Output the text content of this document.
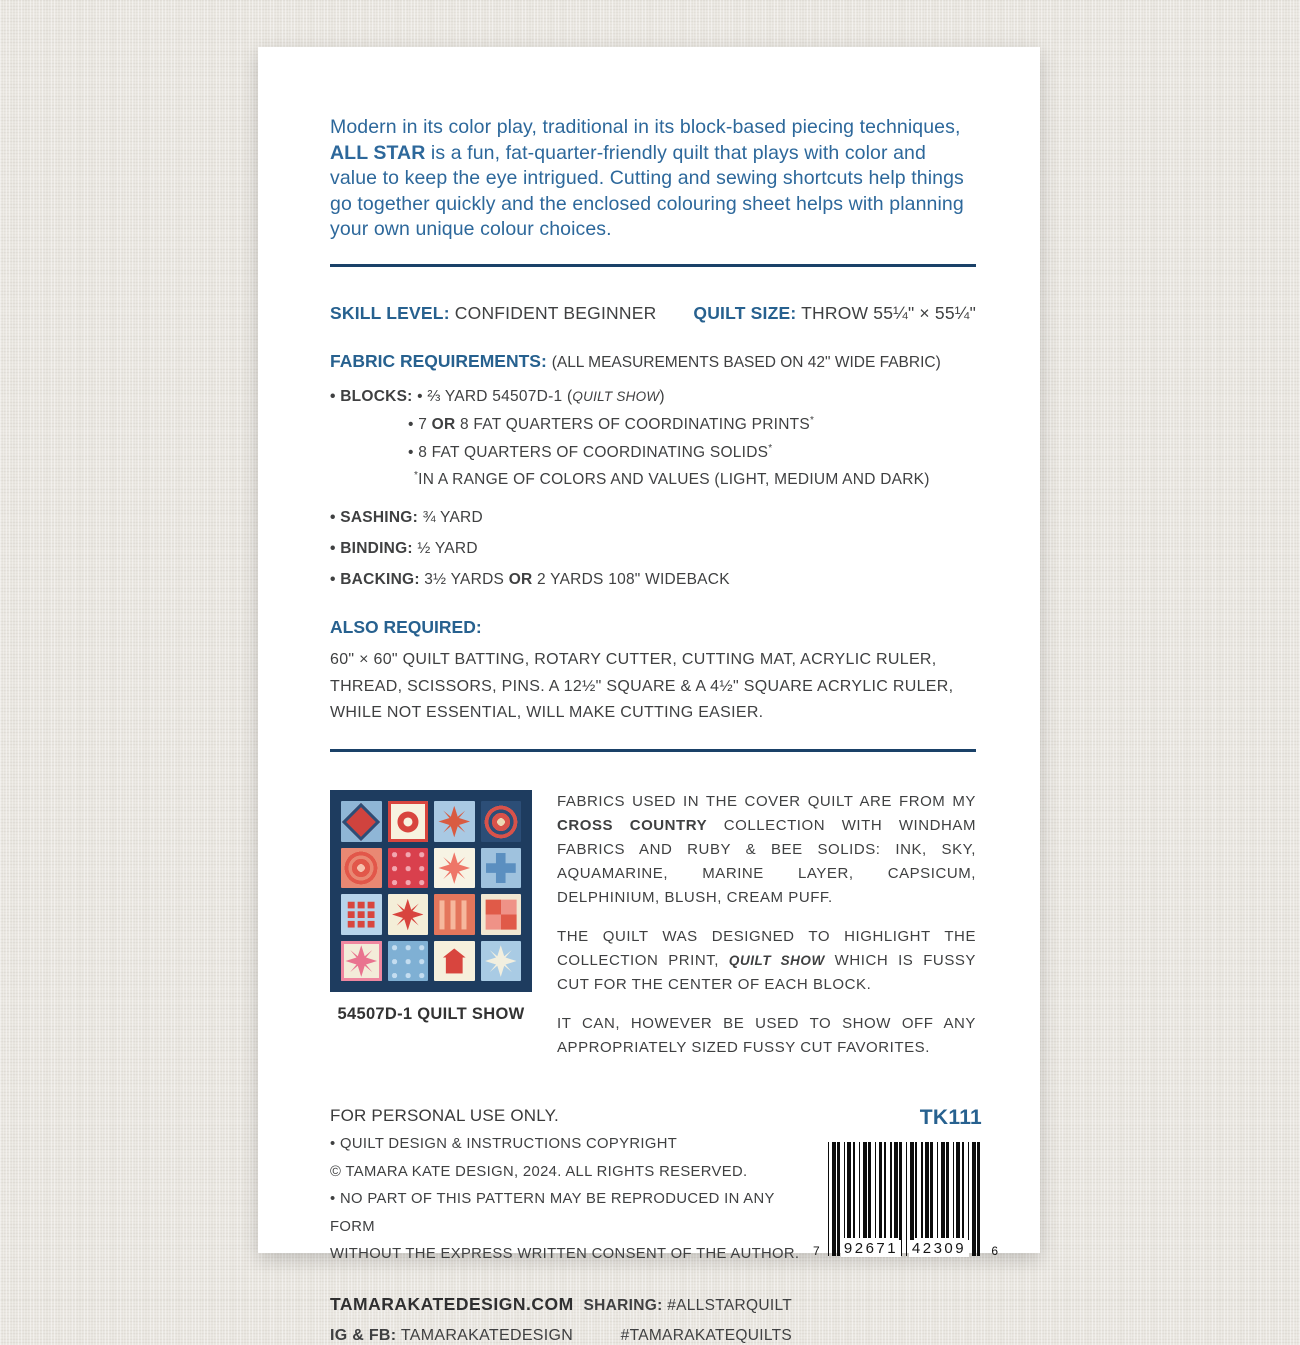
Modern in its color play, traditional in its block-based piecing techniques, ALL STAR is a fun, fat-quarter-friendly quilt that plays with color and value to keep the eye intrigued. Cutting and sewing shortcuts help things go together quickly and the enclosed colouring sheet helps with planning your own unique colour choices.

SKILL LEVEL: CONFIDENT BEGINNER QUILT SIZE: THROW 55¼" × 55¼"
FABRIC REQUIREMENTS: (ALL MEASUREMENTS BASED ON 42" WIDE FABRIC)
• BLOCKS: • ⅔ YARD 54507D-1 (QUILT SHOW)
• 7 OR 8 FAT QUARTERS OF COORDINATING PRINTS*
• 8 FAT QUARTERS OF COORDINATING SOLIDS*
*IN A RANGE OF COLORS AND VALUES (LIGHT, MEDIUM AND DARK)
• SASHING: ¾ YARD
• BINDING: ½ YARD
• BACKING: 3½ YARDS OR 2 YARDS 108" WIDEBACK
ALSO REQUIRED:
60" × 60" QUILT BATTING, ROTARY CUTTER, CUTTING MAT, ACRYLIC RULER, THREAD, SCISSORS, PINS. A 12½" SQUARE & A 4½" SQUARE ACRYLIC RULER, WHILE NOT ESSENTIAL, WILL MAKE CUTTING EASIER.
54507D-1 QUILT SHOW

FABRICS USED IN THE COVER QUILT ARE FROM MY CROSS COUNTRY COLLECTION WITH WINDHAM FABRICS AND RUBY & BEE SOLIDS: INK, SKY, AQUAMARINE, MARINE LAYER, CAPSICUM, DELPHINIUM, BLUSH, CREAM PUFF.

THE QUILT WAS DESIGNED TO HIGHLIGHT THE COLLECTION PRINT, QUILT SHOW WHICH IS FUSSY CUT FOR THE CENTER OF EACH BLOCK.

IT CAN, HOWEVER BE USED TO SHOW OFF ANY APPROPRIATELY SIZED FUSSY CUT FAVORITES.

FOR PERSONAL USE ONLY.
• QUILT DESIGN & INSTRUCTIONS COPYRIGHT
© TAMARA KATE DESIGN, 2024. ALL RIGHTS RESERVED.
• NO PART OF THIS PATTERN MAY BE REPRODUCED IN ANY FORM
WITHOUT THE EXPRESS WRITTEN CONSENT OF THE AUTHOR.
TAMARAKATEDESIGN.COM SHARING: #ALLSTARQUILT
IG & FB: TAMARAKATEDESIGN	#TAMARAKATEQUILTS
TK111
7 92671 42309 6
